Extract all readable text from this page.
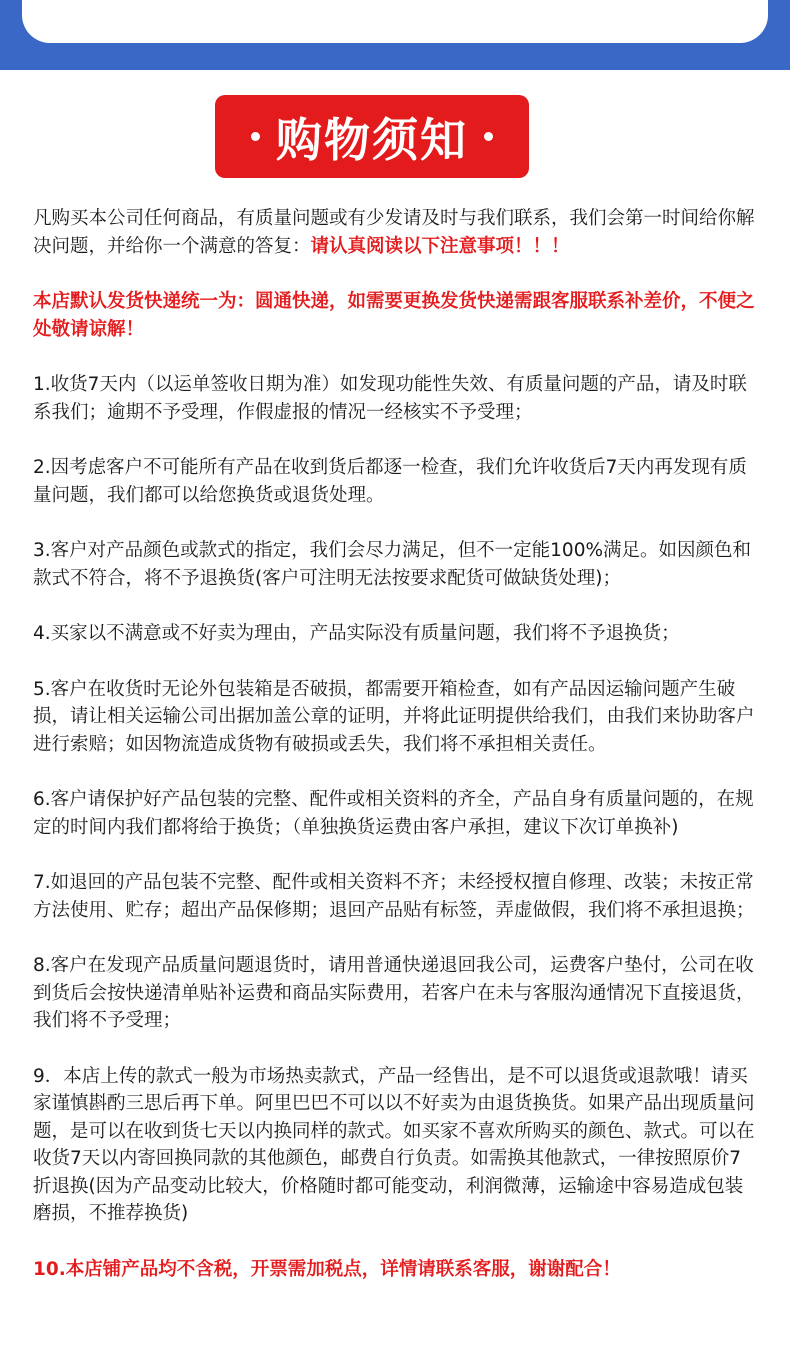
购物须知

凡购买本公司任何商品，有质量问题或有少发请及时与我们联系，我们会第一时间给你解决问题，并给你一个满意的答复：请认真阅读以下注意事项！！！

本店默认发货快递统一为：圆通快递，如需要更换发货快递需跟客服联系补差价，不便之处敬请谅解！

1.收货7天内（以运单签收日期为准）如发现功能性失效、有质量问题的产品，请及时联系我们；逾期不予受理，作假虚报的情况一经核实不予受理；

2.因考虑客户不可能所有产品在收到货后都逐一检查，我们允许收货后7天内再发现有质量问题，我们都可以给您换货或退货处理。

3.客户对产品颜色或款式的指定，我们会尽力满足，但不一定能100%满足。如因颜色和款式不符合，将不予退换货(客户可注明无法按要求配货可做缺货处理)；

4.买家以不满意或不好卖为理由，产品实际没有质量问题，我们将不予退换货；

5.客户在收货时无论外包装箱是否破损，都需要开箱检查，如有产品因运输问题产生破损，请让相关运输公司出据加盖公章的证明，并将此证明提供给我们，由我们来协助客户进行索赔；如因物流造成货物有破损或丢失，我们将不承担相关责任。

6.客户请保护好产品包装的完整、配件或相关资料的齐全，产品自身有质量问题的，在规定的时间内我们都将给于换货；（单独换货运费由客户承担，建议下次订单换补)

7.如退回的产品包装不完整、配件或相关资料不齐；未经授权擅自修理、改装；未按正常方法使用、贮存；超出产品保修期；退回产品贴有标签，弄虚做假，我们将不承担退换；

8.客户在发现产品质量问题退货时，请用普通快递退回我公司，运费客户垫付，公司在收到货后会按快递清单贴补运费和商品实际费用，若客户在未与客服沟通情况下直接退货，我们将不予受理；

9．本店上传的款式一般为市场热卖款式，产品一经售出，是不可以退货或退款哦！请买家谨慎斟酌三思后再下单。阿里巴巴不可以以不好卖为由退货换货。如果产品出现质量问题，是可以在收到货七天以内换同样的款式。如买家不喜欢所购买的颜色、款式。可以在收货7天以内寄回换同款的其他颜色，邮费自行负责。如需换其他款式，一律按照原价7折退换(因为产品变动比较大，价格随时都可能变动，利润微薄，运输途中容易造成包装磨损，不推荐换货)

10.本店铺产品均不含税，开票需加税点，详情请联系客服，谢谢配合！
